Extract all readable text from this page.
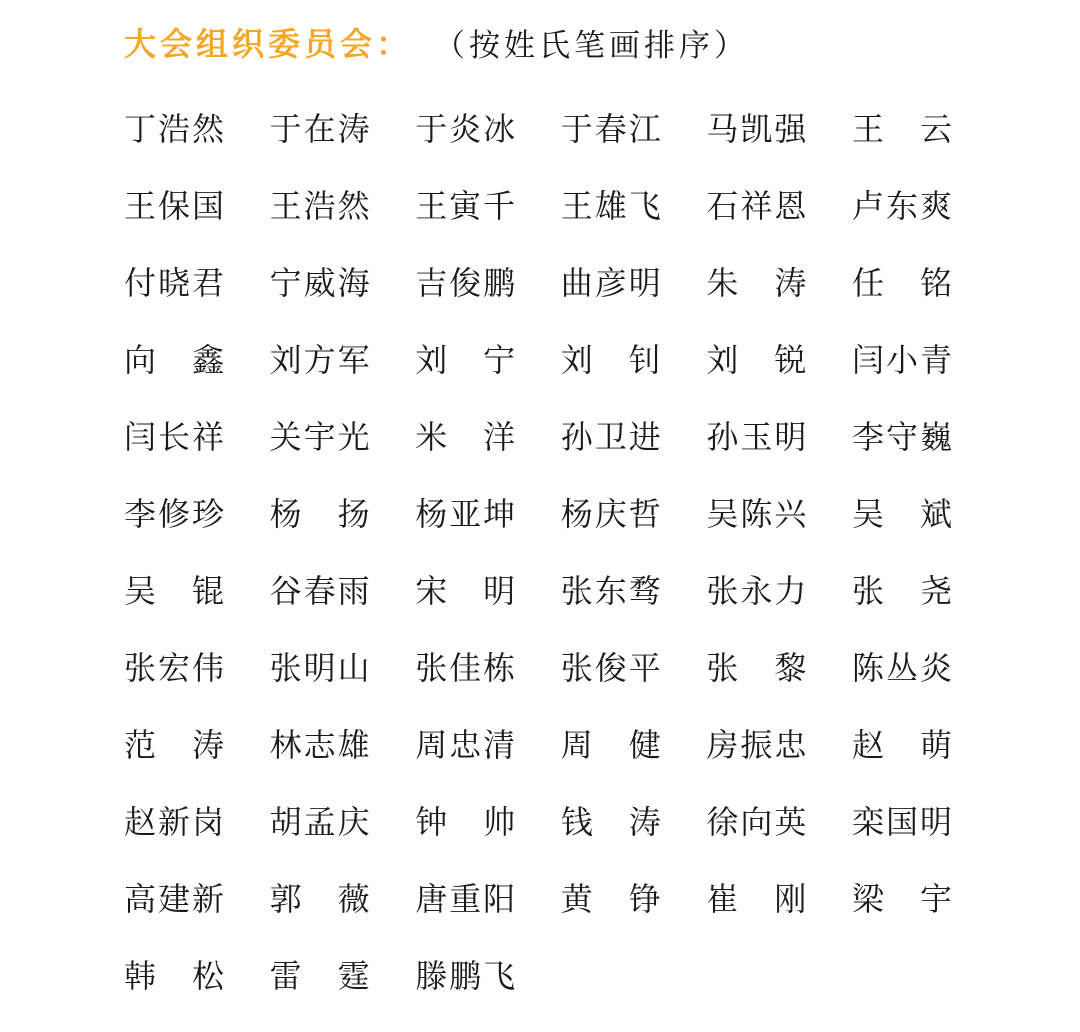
大会组织委员会： （按姓氏笔画排序）
丁 浩 然 于 在 涛 于 炎 冰 于 春 江 马 凯 强 王 云
王 保 国 王 浩 然 王 寅 千 王 雄 飞 石 祥 恩 卢 东 爽
付 晓 君 宁 威 海 吉 俊 鹏 曲 彦 明 朱 涛 任 铭
向 鑫 刘 方 军 刘 宁 刘 钊 刘 锐 闫 小 青
闫 长 祥 关 宇 光 米 洋 孙 卫 进 孙 玉 明 李 守 巍
李 修 珍 杨 扬 杨 亚 坤 杨 庆 哲 吴 陈 兴 吴 斌
吴 锟 谷 春 雨 宋 明 张 东 骛 张 永 力 张 尧
张 宏 伟 张 明 山 张 佳 栋 张 俊 平 张 黎 陈 丛 炎
范 涛 林 志 雄 周 忠 清 周 健 房 振 忠 赵 萌
赵 新 岗 胡 孟 庆 钟 帅 钱 涛 徐 向 英 栾 国 明
高 建 新 郭 薇 唐 重 阳 黄 铮 崔 刚 梁 宇
韩 松 雷 霆 滕 鹏 飞
